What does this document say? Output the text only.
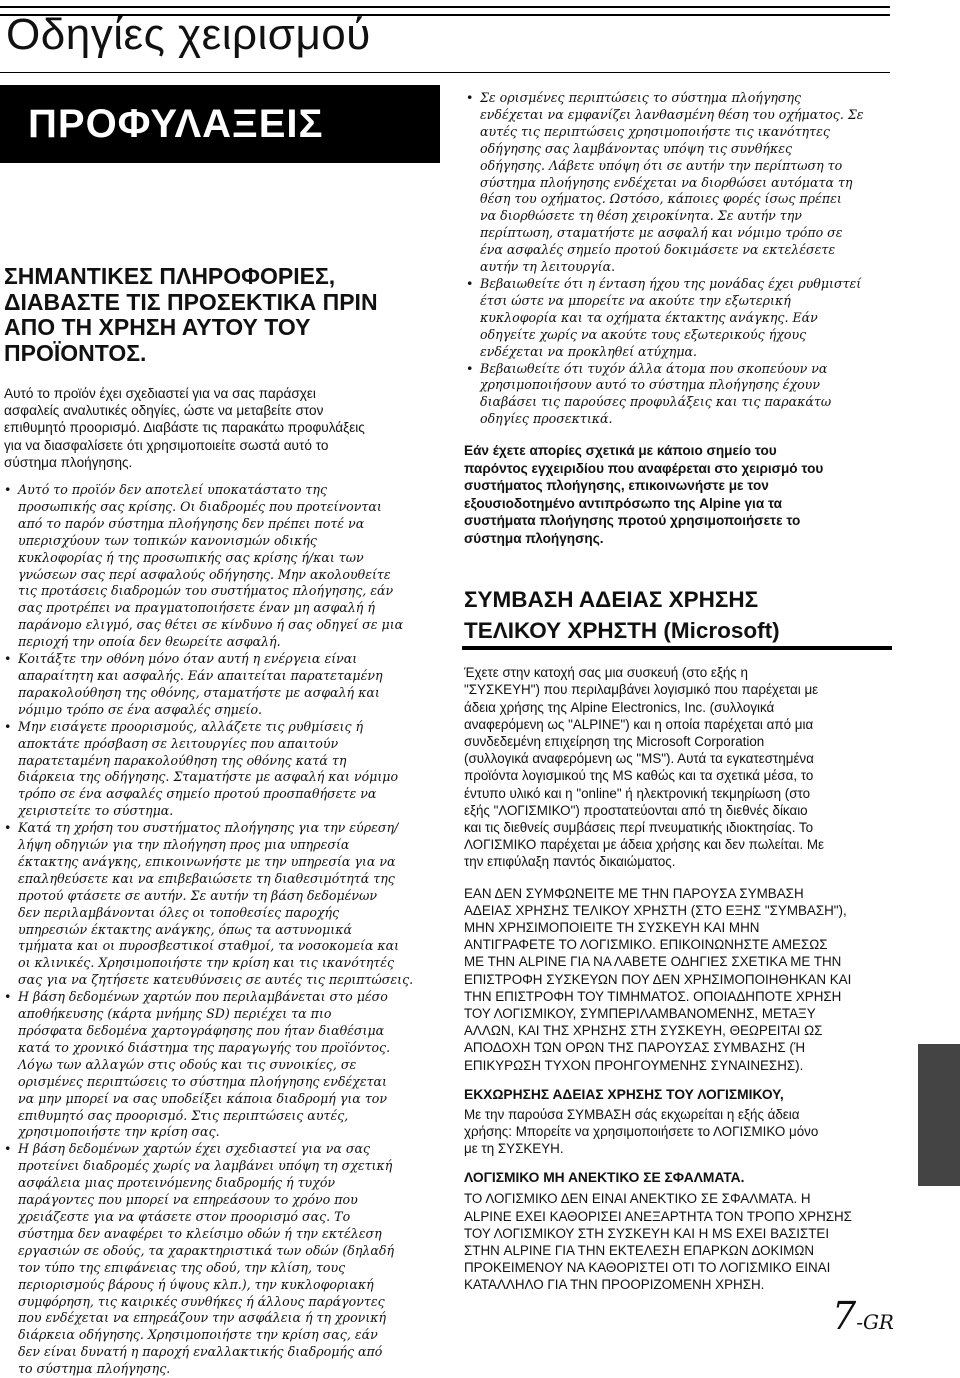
Οδηγίες χειρισμού
ΠΡΟΦΥΛΑΞΕΙΣ
ΣΗΜΑΝΤΙΚΕΣ ΠΛΗΡΟΦΟΡΙΕΣ,
ΔΙΑΒΑΣΤΕ ΤΙΣ ΠΡΟΣΕΚΤΙΚΑ ΠΡΙΝ
ΑΠΟ ΤΗ ΧΡΗΣΗ ΑΥΤΟΥ ΤΟΥ
ΠΡΟΪΟΝΤΟΣ.
Αυτό το προϊόν έχει σχεδιαστεί για να σας παράσχει
ασφαλείς αναλυτικές οδηγίες, ώστε να μεταβείτε στον
επιθυμητό προορισμό. Διαβάστε τις παρακάτω προφυλάξεις
για να διασφαλίσετε ότι χρησιμοποιείτε σωστά αυτό το
σύστημα πλοήγησης.
• Αυτό το προϊόν δεν αποτελεί υποκατάστατο της
προσωπικής σας κρίσης. Οι διαδρομές που προτείνονται
από το παρόν σύστημα πλοήγησης δεν πρέπει ποτέ να
υπερισχύουν των τοπικών κανονισμών οδικής
κυκλοφορίας ή της προσωπικής σας κρίσης ή/και των
γνώσεων σας περί ασφαλούς οδήγησης. Μην ακολουθείτε
τις προτάσεις διαδρομών του συστήματος πλοήγησης, εάν
σας προτρέπει να πραγματοποιήσετε έναν μη ασφαλή ή
παράνομο ελιγμό, σας θέτει σε κίνδυνο ή σας οδηγεί σε μια
περιοχή την οποία δεν θεωρείτε ασφαλή.
• Κοιτάξτε την οθόνη μόνο όταν αυτή η ενέργεια είναι
απαραίτητη και ασφαλής. Εάν απαιτείται παρατεταμένη
παρακολούθηση της οθόνης, σταματήστε με ασφαλή και
νόμιμο τρόπο σε ένα ασφαλές σημείο.
• Μην εισάγετε προορισμούς, αλλάζετε τις ρυθμίσεις ή
αποκτάτε πρόσβαση σε λειτουργίες που απαιτούν
παρατεταμένη παρακολούθηση της οθόνης κατά τη
διάρκεια της οδήγησης. Σταματήστε με ασφαλή και νόμιμο
τρόπο σε ένα ασφαλές σημείο προτού προσπαθήσετε να
χειριστείτε το σύστημα.
• Κατά τη χρήση του συστήματος πλοήγησης για την εύρεση/
λήψη οδηγιών για την πλοήγηση προς μια υπηρεσία
έκτακτης ανάγκης, επικοινωνήστε με την υπηρεσία για να
επαληθεύσετε και να επιβεβαιώσετε τη διαθεσιμότητά της
προτού φτάσετε σε αυτήν. Σε αυτήν τη βάση δεδομένων
δεν περιλαμβάνονται όλες οι τοποθεσίες παροχής
υπηρεσιών έκτακτης ανάγκης, όπως τα αστυνομικά
τμήματα και οι πυροσβεστικοί σταθμοί, τα νοσοκομεία και
οι κλινικές. Χρησιμοποιήστε την κρίση και τις ικανότητές
σας για να ζητήσετε κατευθύνσεις σε αυτές τις περιπτώσεις.
• Η βάση δεδομένων χαρτών που περιλαμβάνεται στο μέσο
αποθήκευσης (κάρτα μνήμης SD) περιέχει τα πιο
πρόσφατα δεδομένα χαρτογράφησης που ήταν διαθέσιμα
κατά το χρονικό διάστημα της παραγωγής του προϊόντος.
Λόγω των αλλαγών στις οδούς και τις συνοικίες, σε
ορισμένες περιπτώσεις το σύστημα πλοήγησης ενδέχεται
να μην μπορεί να σας υποδείξει κάποια διαδρομή για τον
επιθυμητό σας προορισμό. Στις περιπτώσεις αυτές,
χρησιμοποιήστε την κρίση σας.
• Η βάση δεδομένων χαρτών έχει σχεδιαστεί για να σας
προτείνει διαδρομές χωρίς να λαμβάνει υπόψη τη σχετική
ασφάλεια μιας προτεινόμενης διαδρομής ή τυχόν
παράγοντες που μπορεί να επηρεάσουν το χρόνο που
χρειάζεστε για να φτάσετε στον προορισμό σας. Το
σύστημα δεν αναφέρει το κλείσιμο οδών ή την εκτέλεση
εργασιών σε οδούς, τα χαρακτηριστικά των οδών (δηλαδή
τον τύπο της επιφάνειας της οδού, την κλίση, τους
περιορισμούς βάρους ή ύψους κλπ.), την κυκλοφοριακή
συμφόρηση, τις καιρικές συνθήκες ή άλλους παράγοντες
που ενδέχεται να επηρεάζουν την ασφάλεια ή τη χρονική
διάρκεια οδήγησης. Χρησιμοποιήστε την κρίση σας, εάν
δεν είναι δυνατή η παροχή εναλλακτικής διαδρομής από
το σύστημα πλοήγησης.
• Σε ορισμένες περιπτώσεις το σύστημα πλοήγησης
ενδέχεται να εμφανίζει λανθασμένη θέση του οχήματος. Σε
αυτές τις περιπτώσεις χρησιμοποιήστε τις ικανότητες
οδήγησης σας λαμβάνοντας υπόψη τις συνθήκες
οδήγησης. Λάβετε υπόψη ότι σε αυτήν την περίπτωση το
σύστημα πλοήγησης ενδέχεται να διορθώσει αυτόματα τη
θέση του οχήματος. Ωστόσο, κάποιες φορές ίσως πρέπει
να διορθώσετε τη θέση χειροκίνητα. Σε αυτήν την
περίπτωση, σταματήστε με ασφαλή και νόμιμο τρόπο σε
ένα ασφαλές σημείο προτού δοκιμάσετε να εκτελέσετε
αυτήν τη λειτουργία.
• Βεβαιωθείτε ότι η ένταση ήχου της μονάδας έχει ρυθμιστεί
έτσι ώστε να μπορείτε να ακούτε την εξωτερική
κυκλοφορία και τα οχήματα έκτακτης ανάγκης. Εάν
οδηγείτε χωρίς να ακούτε τους εξωτερικούς ήχους
ενδέχεται να προκληθεί ατύχημα.
• Βεβαιωθείτε ότι τυχόν άλλα άτομα που σκοπεύουν να
χρησιμοποιήσουν αυτό το σύστημα πλοήγησης έχουν
διαβάσει τις παρούσες προφυλάξεις και τις παρακάτω
οδηγίες προσεκτικά.
Εάν έχετε απορίες σχετικά με κάποιο σημείο του
παρόντος εγχειριδίου που αναφέρεται στο χειρισμό του
συστήματος πλοήγησης, επικοινωνήστε με τον
εξουσιοδοτημένο αντιπρόσωπο της Alpine για τα
συστήματα πλοήγησης προτού χρησιμοποιήσετε το
σύστημα πλοήγησης.
ΣΥΜΒΑΣΗ ΑΔΕΙΑΣ ΧΡΗΣΗΣ
ΤΕΛΙΚΟΥ ΧΡΗΣΤΗ (Microsoft)
Έχετε στην κατοχή σας μια συσκευή (στο εξής η
"ΣΥΣΚΕΥΗ") που περιλαμβάνει λογισμικό που παρέχεται με
άδεια χρήσης της Alpine Electronics, Inc. (συλλογικά
αναφερόμενη ως "ALPINE") και η οποία παρέχεται από μια
συνδεδεμένη επιχείρηση της Microsoft Corporation
(συλλογικά αναφερόμενη ως "MS"). Αυτά τα εγκατεστημένα
προϊόντα λογισμικού της MS καθώς και τα σχετικά μέσα, το
έντυπο υλικό και η "online" ή ηλεκτρονική τεκμηρίωση (στο
εξής "ΛΟΓΙΣΜΙΚΟ") προστατεύονται από τη διεθνές δίκαιο
και τις διεθνείς συμβάσεις περί πνευματικής ιδιοκτησίας. Το
ΛΟΓΙΣΜΙΚΟ παρέχεται με άδεια χρήσης και δεν πωλείται. Με
την επιφύλαξη παντός δικαιώματος.
ΕΑΝ ΔΕΝ ΣΥΜΦΩΝΕΙΤΕ ΜΕ ΤΗΝ ΠΑΡΟΥΣΑ ΣΥΜΒΑΣΗ
ΑΔΕΙΑΣ ΧΡΗΣΗΣ ΤΕΛΙΚΟΥ ΧΡΗΣΤΗ (ΣΤΟ ΕΞΗΣ "ΣΥΜΒΑΣΗ"),
ΜΗΝ ΧΡΗΣΙΜΟΠΟΙΕΙΤΕ ΤΗ ΣΥΣΚΕΥΗ ΚΑΙ ΜΗΝ
ΑΝΤΙΓΡΑΦΕΤΕ ΤΟ ΛΟΓΙΣΜΙΚΟ. ΕΠΙΚΟΙΝΩΝΗΣΤΕ ΑΜΕΣΩΣ
ΜΕ ΤΗΝ ALPINE ΓΙΑ ΝΑ ΛΑΒΕΤΕ ΟΔΗΓΙΕΣ ΣΧΕΤΙΚΑ ΜΕ ΤΗΝ
ΕΠΙΣΤΡΟΦΗ ΣΥΣΚΕΥΩΝ ΠΟΥ ΔΕΝ ΧΡΗΣΙΜΟΠΟΙΗΘΗΚΑΝ ΚΑΙ
ΤΗΝ ΕΠΙΣΤΡΟΦΗ ΤΟΥ ΤΙΜΗΜΑΤΟΣ. ΟΠΟΙΑΔΗΠΟΤΕ ΧΡΗΣΗ
ΤΟΥ ΛΟΓΙΣΜΙΚΟΥ, ΣΥΜΠΕΡΙΛΑΜΒΑΝΟΜΕΝΗΣ, ΜΕΤΑΞΥ
ΑΛΛΩΝ, ΚΑΙ ΤΗΣ ΧΡΗΣΗΣ ΣΤΗ ΣΥΣΚΕΥΗ, ΘΕΩΡΕΙΤΑΙ ΩΣ
ΑΠΟΔΟΧΗ ΤΩΝ ΟΡΩΝ ΤΗΣ ΠΑΡΟΥΣΑΣ ΣΥΜΒΑΣΗΣ (Ή
ΕΠΙΚΥΡΩΣΗ ΤΥΧΟΝ ΠΡΟΗΓΟΥΜΕΝΗΣ ΣΥΝΑΙΝΕΣΗΣ).
ΕΚΧΩΡΗΣΗΣ ΑΔΕΙΑΣ ΧΡΗΣΗΣ ΤΟΥ ΛΟΓΙΣΜΙΚΟΥ,
Με την παρούσα ΣΥΜΒΑΣΗ σάς εκχωρείται η εξής άδεια
χρήσης: Μπορείτε να χρησιμοποιήσετε το ΛΟΓΙΣΜΙΚΟ μόνο
με τη ΣΥΣΚΕΥΗ.
ΛΟΓΙΣΜΙΚΟ ΜΗ ΑΝΕΚΤΙΚΟ ΣΕ ΣΦΑΛΜΑΤΑ.
ΤΟ ΛΟΓΙΣΜΙΚΟ ΔΕΝ ΕΙΝΑΙ ΑΝΕΚΤΙΚΟ ΣΕ ΣΦΑΛΜΑΤΑ. Η
ALPINE ΕΧΕΙ ΚΑΘΟΡΙΣΕΙ ΑΝΕΞΑΡΤΗΤΑ ΤΟΝ ΤΡΟΠΟ ΧΡΗΣΗΣ
ΤΟΥ ΛΟΓΙΣΜΙΚΟΥ ΣΤΗ ΣΥΣΚΕΥΗ ΚΑΙ Η MS ΕΧΕΙ ΒΑΣΙΣΤΕΙ
ΣΤΗΝ ALPINE ΓΙΑ ΤΗΝ ΕΚΤΕΛΕΣΗ ΕΠΑΡΚΩΝ ΔΟΚΙΜΩΝ
ΠΡΟΚΕΙΜΕΝΟΥ ΝΑ ΚΑΘΟΡΙΣΤΕΙ ΟΤΙ ΤΟ ΛΟΓΙΣΜΙΚΟ ΕΙΝΑΙ
ΚΑΤΑΛΛΗΛΟ ΓΙΑ ΤΗΝ ΠΡΟΟΡΙΖΟΜΕΝΗ ΧΡΗΣΗ.
7-GR
